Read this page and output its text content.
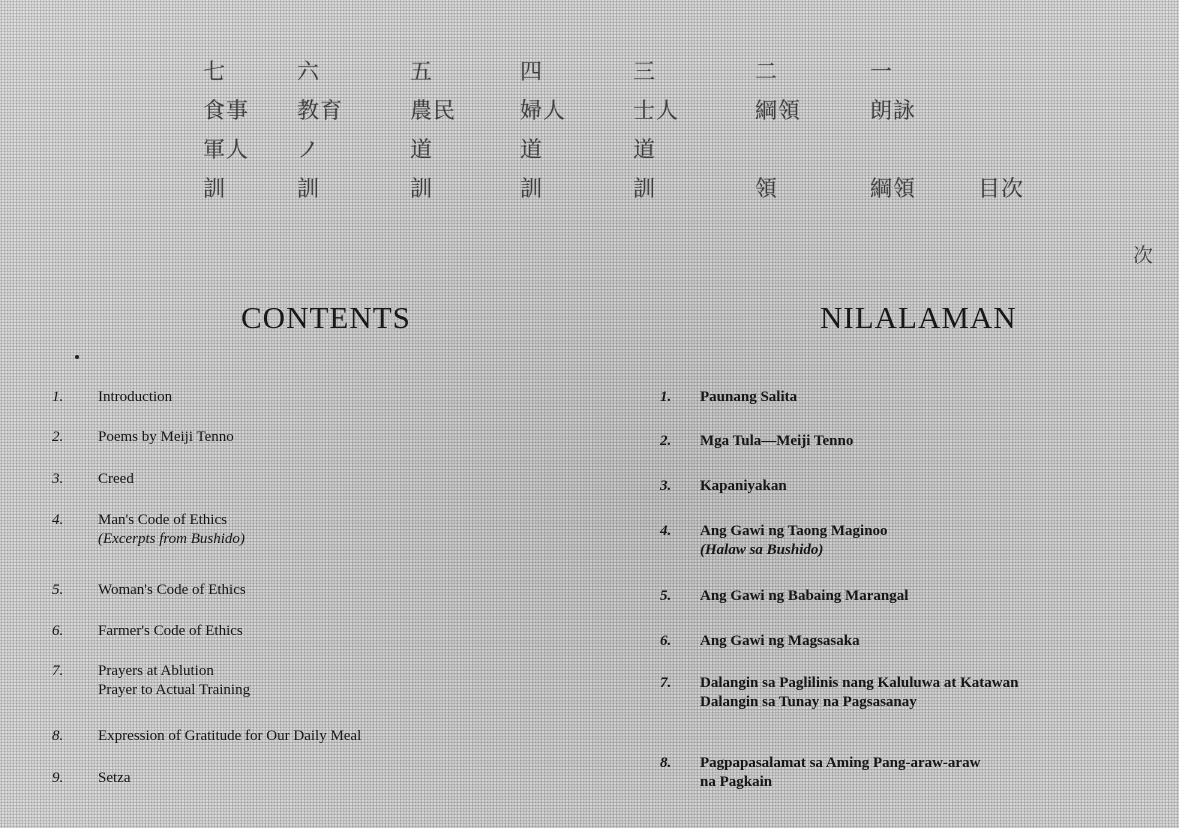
七
食事
軍人
訓
六
教育
ノ
訓
五
農民
道
訓
四
婦人
道
訓
三
士人
道
訓
二
綱領
領
一
朗詠
綱領	目次
次
CONTENTS	NILALAMAN
1.	Introduction
2.	Poems by Meiji Tenno
3.	Creed
4.	Man's Code of Ethics
(Excerpts from Bushido)
5.	Woman's Code of Ethics
6.	Farmer's Code of Ethics
7.	Prayers at Ablution
Prayer to Actual Training
8.	Expression of Gratitude for Our Daily Meal
9.	Setza
1.	Paunang Salita
2.	Mga Tula—Meiji Tenno
3.	Kapaniyakan
4.	Ang Gawi ng Taong Maginoo
(Halaw sa Bushido)
5.	Ang Gawi ng Babaing Marangal
6.	Ang Gawi ng Magsasaka
7.	Dalangin sa Paglilinis nang Kaluluwa at Katawan
Dalangin sa Tunay na Pagsasanay
8.	Pagpapasalamat sa Aming Pang-araw-araw
na Pagkain
